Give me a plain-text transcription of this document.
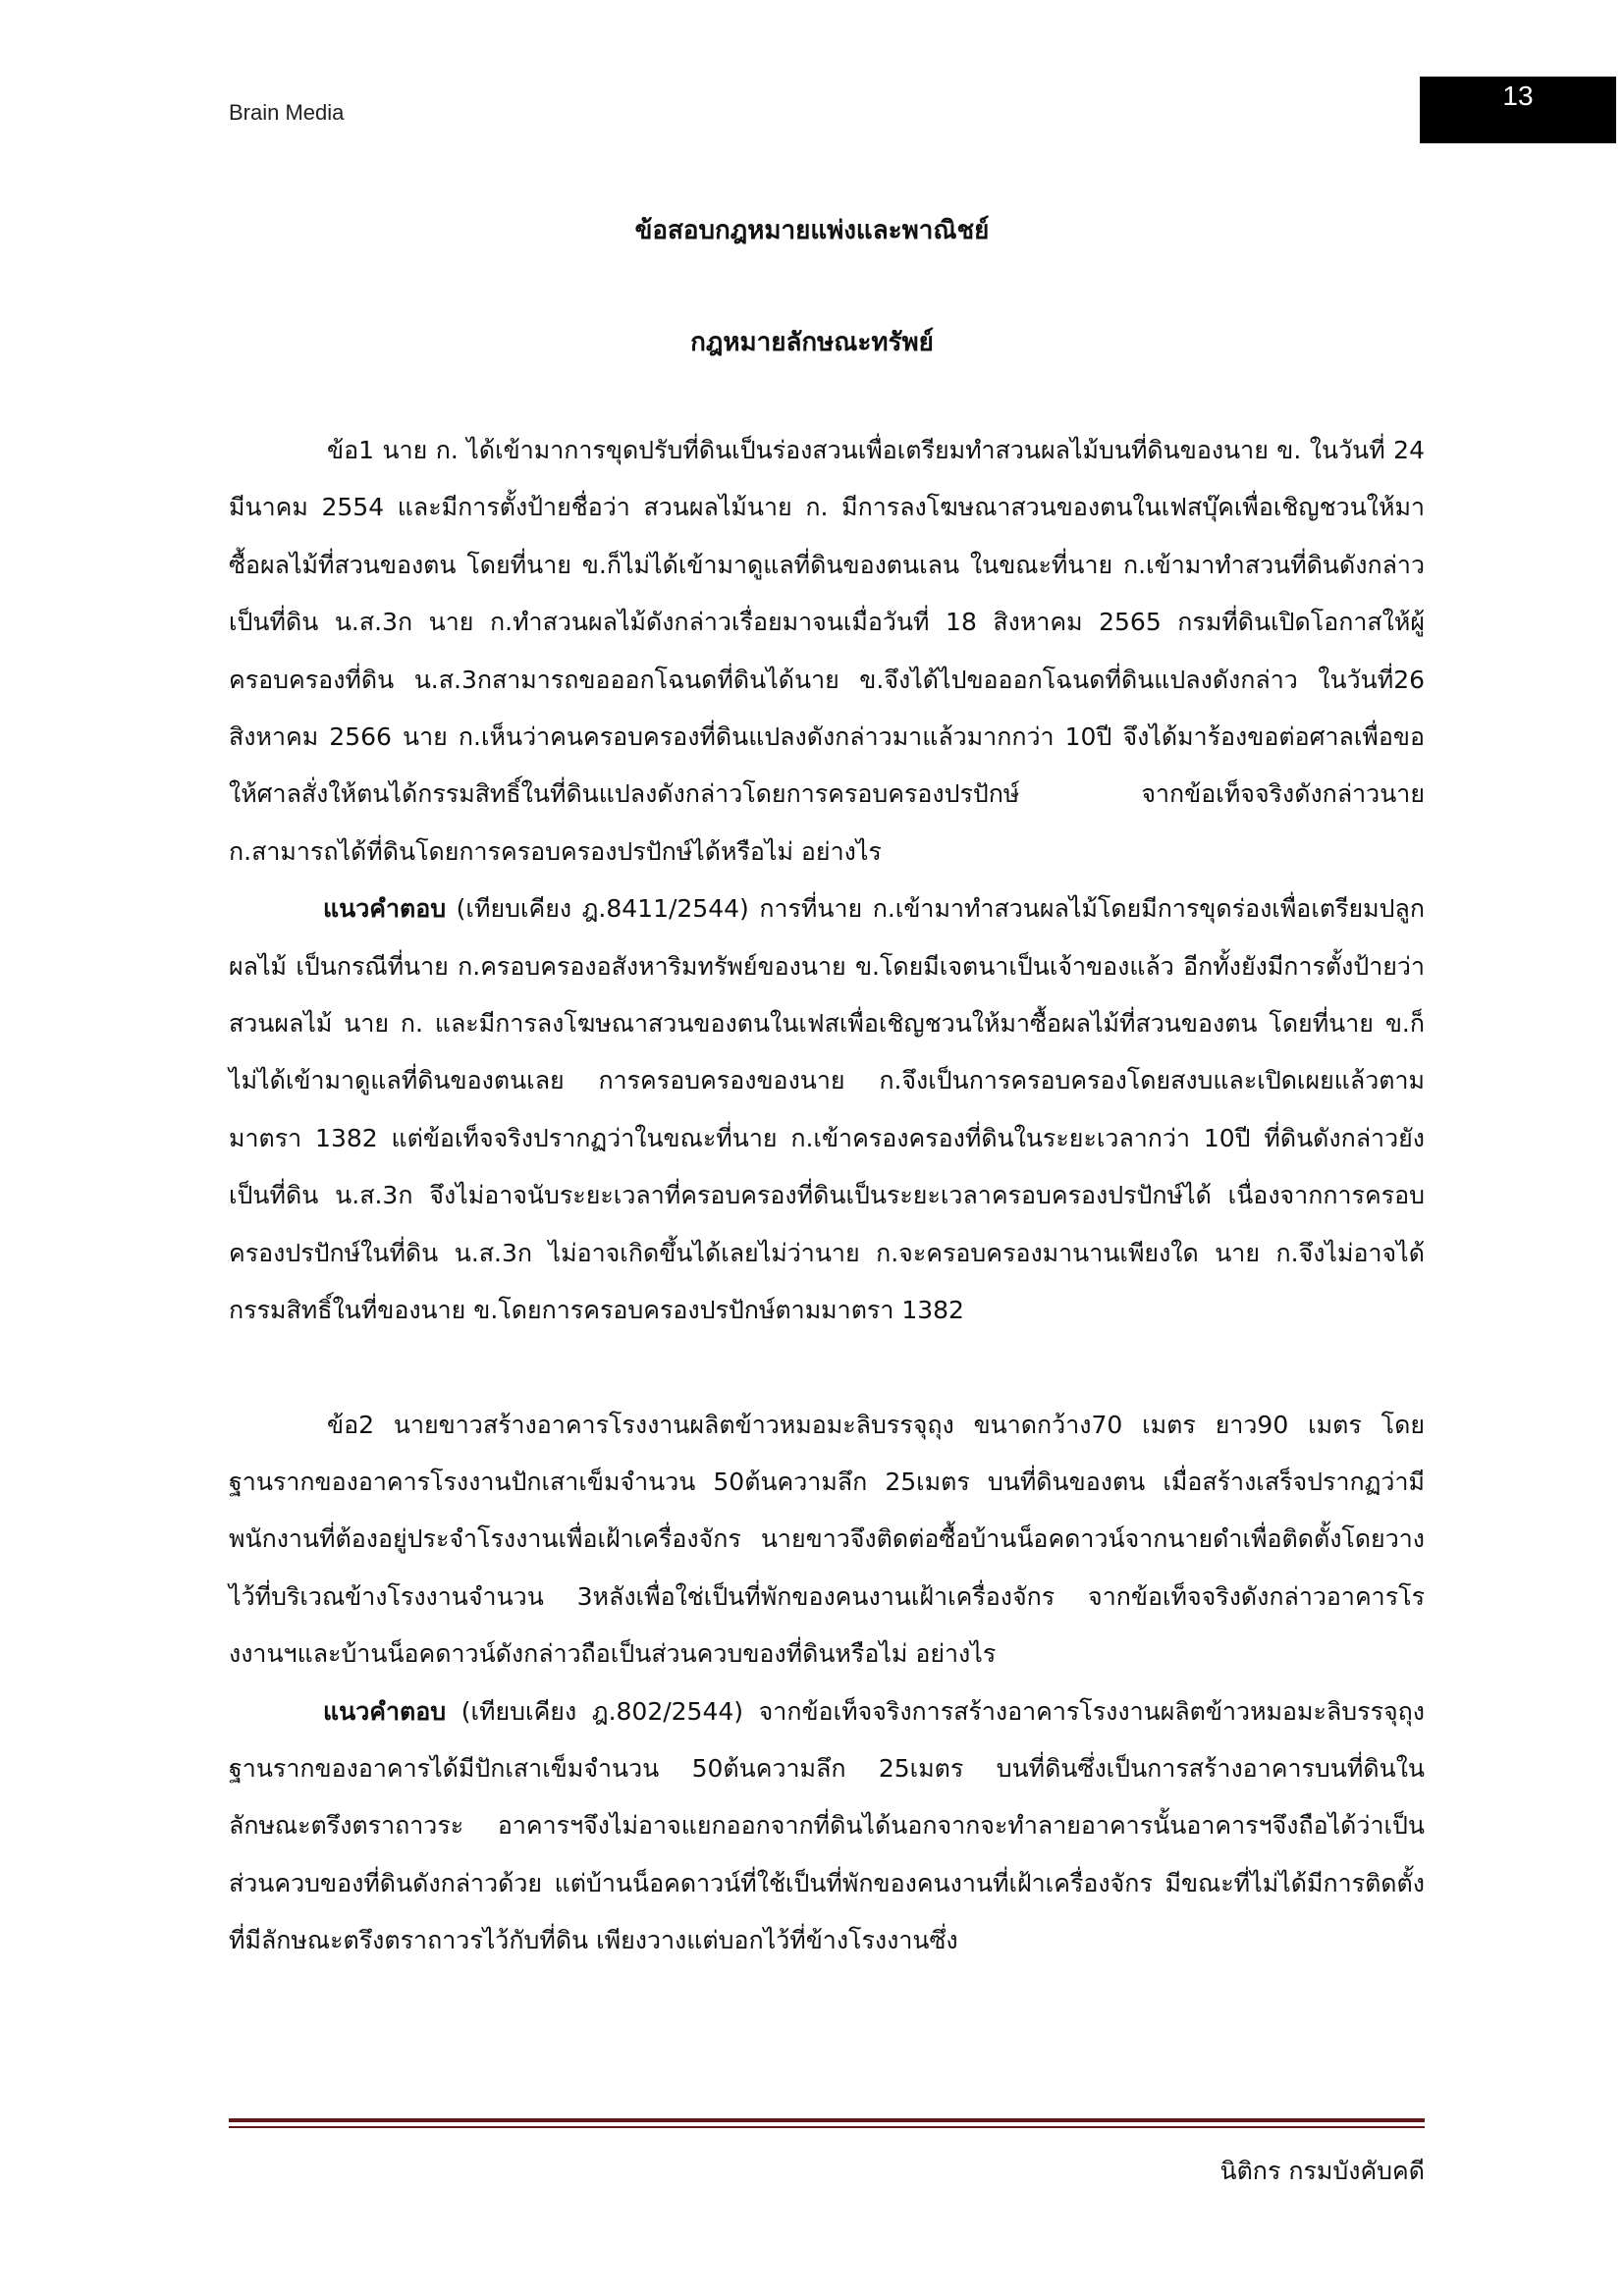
Brain Media
13
ข้อสอบกฎหมายแพ่งและพาณิชย์
กฎหมายลักษณะทรัพย์

ข้อ1 นาย ก. ได้เข้ามาการขุดปรับที่ดินเป็นร่องสวนเพื่อเตรียมทำสวนผลไม้บนที่ดินของนาย ข. ในวันที่ 24 มีนาคม 2554 และมีการตั้งป้ายชื่อว่า สวนผลไม้นาย ก. มีการลงโฆษณาสวนของตนในเฟสบุ๊คเพื่อเชิญชวนให้มาซื้อผลไม้ที่สวนของตน โดยที่นาย ข.ก็ไม่ได้เข้ามาดูแลที่ดินของตนเลน ในขณะที่นาย ก.เข้ามาทำสวนที่ดินดังกล่าวเป็นที่ดิน น.ส.3ก นาย ก.ทำสวนผลไม้ดังกล่าวเรื่อยมาจนเมื่อวันที่ 18 สิงหาคม 2565 กรมที่ดินเปิดโอกาสให้ผู้ครอบครองที่ดิน น.ส.3กสามารถขอออกโฉนดที่ดินได้นาย ข.จึงได้ไปขอออกโฉนดที่ดินแปลงดังกล่าว ในวันที่26 สิงหาคม 2566 นาย ก.เห็นว่าคนครอบครองที่ดินแปลงดังกล่าวมาแล้วมากกว่า 10ปี จึงได้มาร้องขอต่อศาลเพื่อขอให้ศาลสั่งให้ตนได้กรรมสิทธิ์ในที่ดินแปลงดังกล่าวโดยการครอบครองปรปักษ์ จากข้อเท็จจริงดังกล่าวนาย ก.สามารถได้ที่ดินโดยการครอบครองปรปักษ์ได้หรือไม่ อย่างไร

แนวคำตอบ (เทียบเคียง ฎ.8411/2544) การที่นาย ก.เข้ามาทำสวนผลไม้โดยมีการขุดร่องเพื่อเตรียมปลูกผลไม้ เป็นกรณีที่นาย ก.ครอบครองอสังหาริมทรัพย์ของนาย ข.โดยมีเจตนาเป็นเจ้าของแล้ว อีกทั้งยังมีการตั้งป้ายว่า สวนผลไม้ นาย ก. และมีการลงโฆษณาสวนของตนในเฟสเพื่อเชิญชวนให้มาซื้อผลไม้ที่สวนของตน โดยที่นาย ข.ก็ไม่ได้เข้ามาดูแลที่ดินของตนเลย การครอบครองของนาย ก.จึงเป็นการครอบครองโดยสงบและเปิดเผยแล้วตามมาตรา 1382 แต่ข้อเท็จจริงปรากฏว่าในขณะที่นาย ก.เข้าครองครองที่ดินในระยะเวลากว่า 10ปี ที่ดินดังกล่าวยังเป็นที่ดิน น.ส.3ก จึงไม่อาจนับระยะเวลาที่ครอบครองที่ดินเป็นระยะเวลาครอบครองปรปักษ์ได้ เนื่องจากการครอบครองปรปักษ์ในที่ดิน น.ส.3ก ไม่อาจเกิดขึ้นได้เลยไม่ว่านาย ก.จะครอบครองมานานเพียงใด นาย ก.จึงไม่อาจได้กรรมสิทธิ์ในที่ของนาย ข.โดยการครอบครองปรปักษ์ตามมาตรา 1382

ข้อ2 นายขาวสร้างอาคารโรงงานผลิตข้าวหมอมะลิบรรจุถุง ขนาดกว้าง70 เมตร ยาว90 เมตร โดยฐานรากของอาคารโรงงานปักเสาเข็มจำนวน 50ต้นความลึก 25เมตร บนที่ดินของตน เมื่อสร้างเสร็จปรากฏว่ามีพนักงานที่ต้องอยู่ประจำโรงงานเพื่อเฝ้าเครื่องจักร นายขาวจึงติดต่อซื้อบ้านน็อคดาวน์จากนายดำเพื่อติดตั้งโดยวางไว้ที่บริเวณข้างโรงงานจำนวน 3หลังเพื่อใช่เป็นที่พักของคนงานเฝ้าเครื่องจักร จากข้อเท็จจริงดังกล่าวอาคารโรงงานฯและบ้านน็อคดาวน์ดังกล่าวถือเป็นส่วนควบของที่ดินหรือไม่ อย่างไร

แนวคำตอบ (เทียบเคียง ฎ.802/2544) จากข้อเท็จจริงการสร้างอาคารโรงงานผลิตข้าวหมอมะลิบรรจุถุง ฐานรากของอาคารได้มีปักเสาเข็มจำนวน 50ต้นความลึก 25เมตร บนที่ดินซึ่งเป็นการสร้างอาคารบนที่ดินในลักษณะตรึงตราถาวระ อาคารฯจึงไม่อาจแยกออกจากที่ดินได้นอกจากจะทำลายอาคารนั้นอาคารฯจึงถือได้ว่าเป็นส่วนควบของที่ดินดังกล่าวด้วย แต่บ้านน็อคดาวน์ที่ใช้เป็นที่พักของคนงานที่เฝ้าเครื่องจักร มีขณะที่ไม่ได้มีการติดตั้งที่มีลักษณะตรึงตราถาวรไว้กับที่ดิน เพียงวางแต่บอกไว้ที่ข้างโรงงานซึ่ง

นิติกร กรมบังคับคดี
